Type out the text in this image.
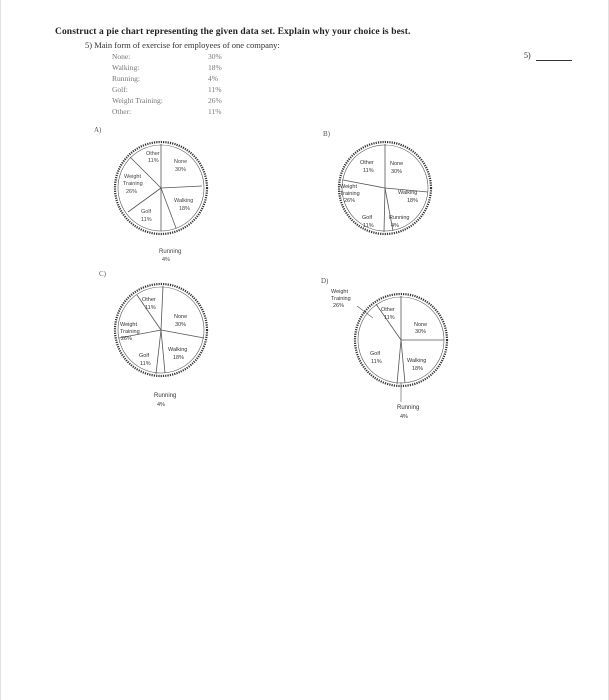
Construct a pie chart representing the given data set. Explain why your choice is best.
5) Main form of exercise for employees of one company:
5)
None:	30%
Walking:	18%
Running:	4%
Golf:	11%
Weight Training:	26%
Other:	11%
A)	B)
C)
D)
Other
11%	None
30%
Weight
Training
26%
Walking
18%
Golf
11%
Running
4%
Other
11%
None
30%
Weight
Training
26%
Walking
18%
Golf
11%
Running
4%
Other
11%
None
30%
Weight
Training
26%
Walking
18%
Golf
11%
Running
4%
Weight
Training
26%
Other
11%
None
30%
Walking
18%
Golf
11%
Running
4%
